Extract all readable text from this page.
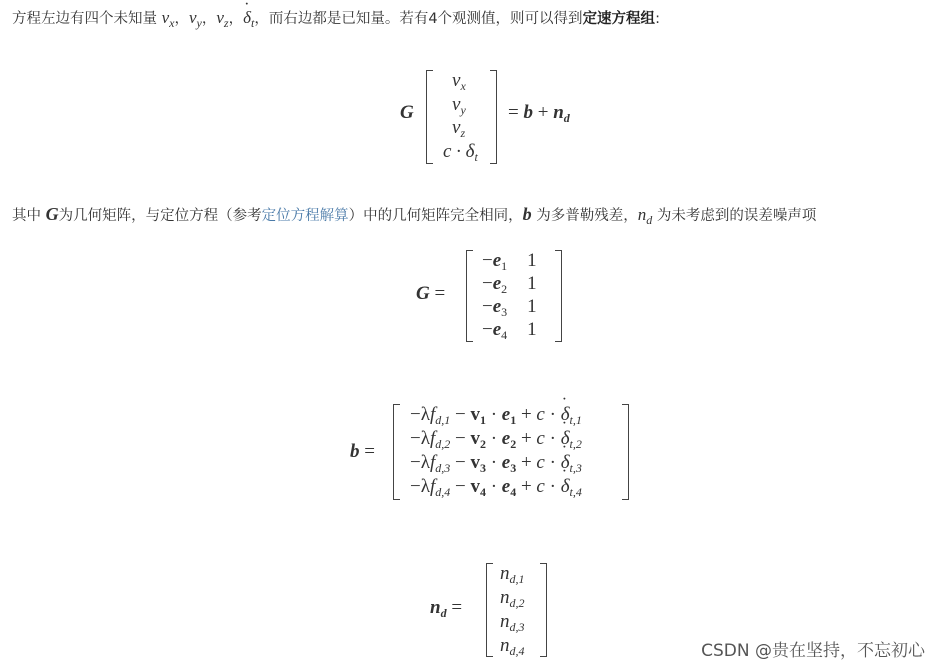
方程左边有四个未知量 $v_x$，$v_y$，$v_z$，· $\delta_t$，而右边都是已知量。若有4个观测值，则可以得到定速方程组:
G
$v_x$
$v_y$
$v_z$
$c \cdot \delta_t$
= $b + n_d$
其中 G为几何矩阵，与定位方程（参考定位方程解算）中的几何矩阵完全相同，b 为多普勒残差，$n_d$ 为未考虑到的误差噪声项
G =
$-e_1$ 1
$-e_2$ 1
$-e_3$ 1
$-e_4$ 1
b =
$-\lambda f_{d,1} - v_1 \cdot e_1 + c$ · · $\delta_{t,1}$
$-\lambda f_{d,2} - v_2 \cdot e_2 + c$ · · $\delta_{t,2}$
$-\lambda f_{d,3} - v_3 \cdot e_3 + c$ · · $\delta_{t,3}$
$-\lambda f_{d,4} - v_4 \cdot e_4 + c$ · · $\delta_{t,4}$
$n_d$ =
$n_{d,1}$
$n_{d,2}$
$n_{d,3}$
$n_{d,4}$	CSDN @贵在坚持，不忘初心
